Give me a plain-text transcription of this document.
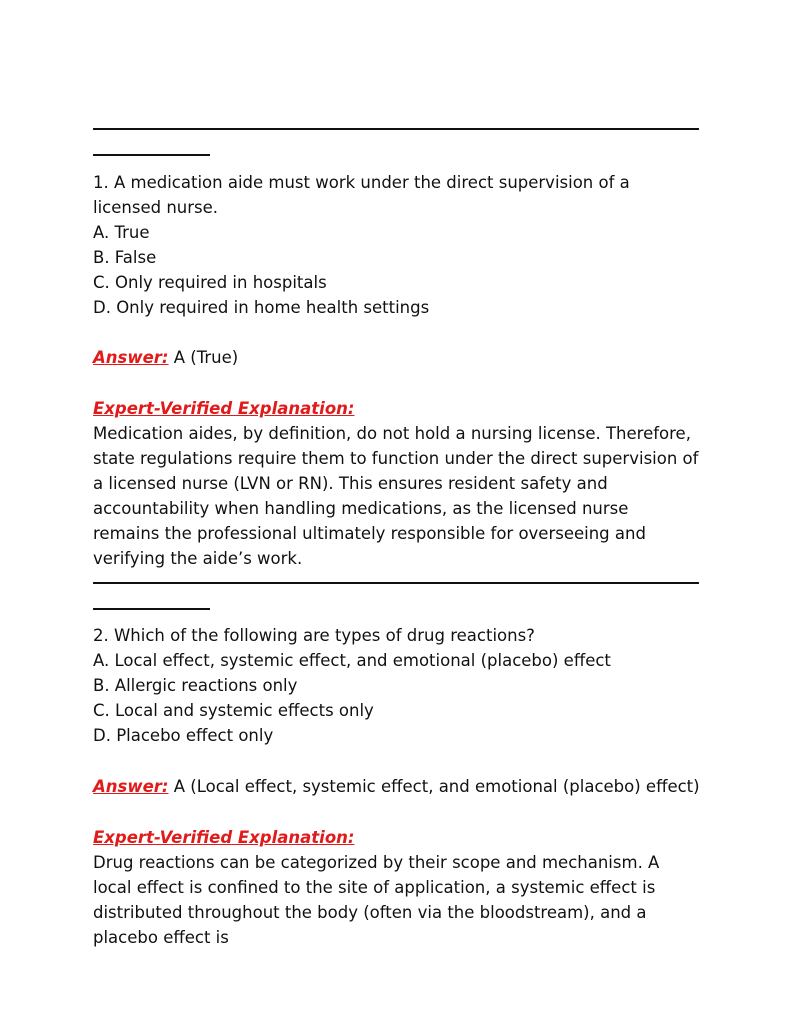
1. A medication aide must work under the direct supervision of a licensed nurse.

A. True

B. False

C. Only required in hospitals

D. Only required in home health settings

Answer: A (True)

Expert-Verified Explanation:

Medication aides, by definition, do not hold a nursing license. Therefore, state regulations require them to function under the direct supervision of a licensed nurse (LVN or RN). This ensures resident safety and accountability when handling medications, as the licensed nurse remains the professional ultimately responsible for overseeing and verifying the aide’s work.

2. Which of the following are types of drug reactions?

A. Local effect, systemic effect, and emotional (placebo) effect

B. Allergic reactions only

C. Local and systemic effects only

D. Placebo effect only

Answer: A (Local effect, systemic effect, and emotional (placebo) effect)

Expert-Verified Explanation:

Drug reactions can be categorized by their scope and mechanism. A local effect is confined to the site of application, a systemic effect is distributed throughout the body (often via the bloodstream), and a placebo effect is
